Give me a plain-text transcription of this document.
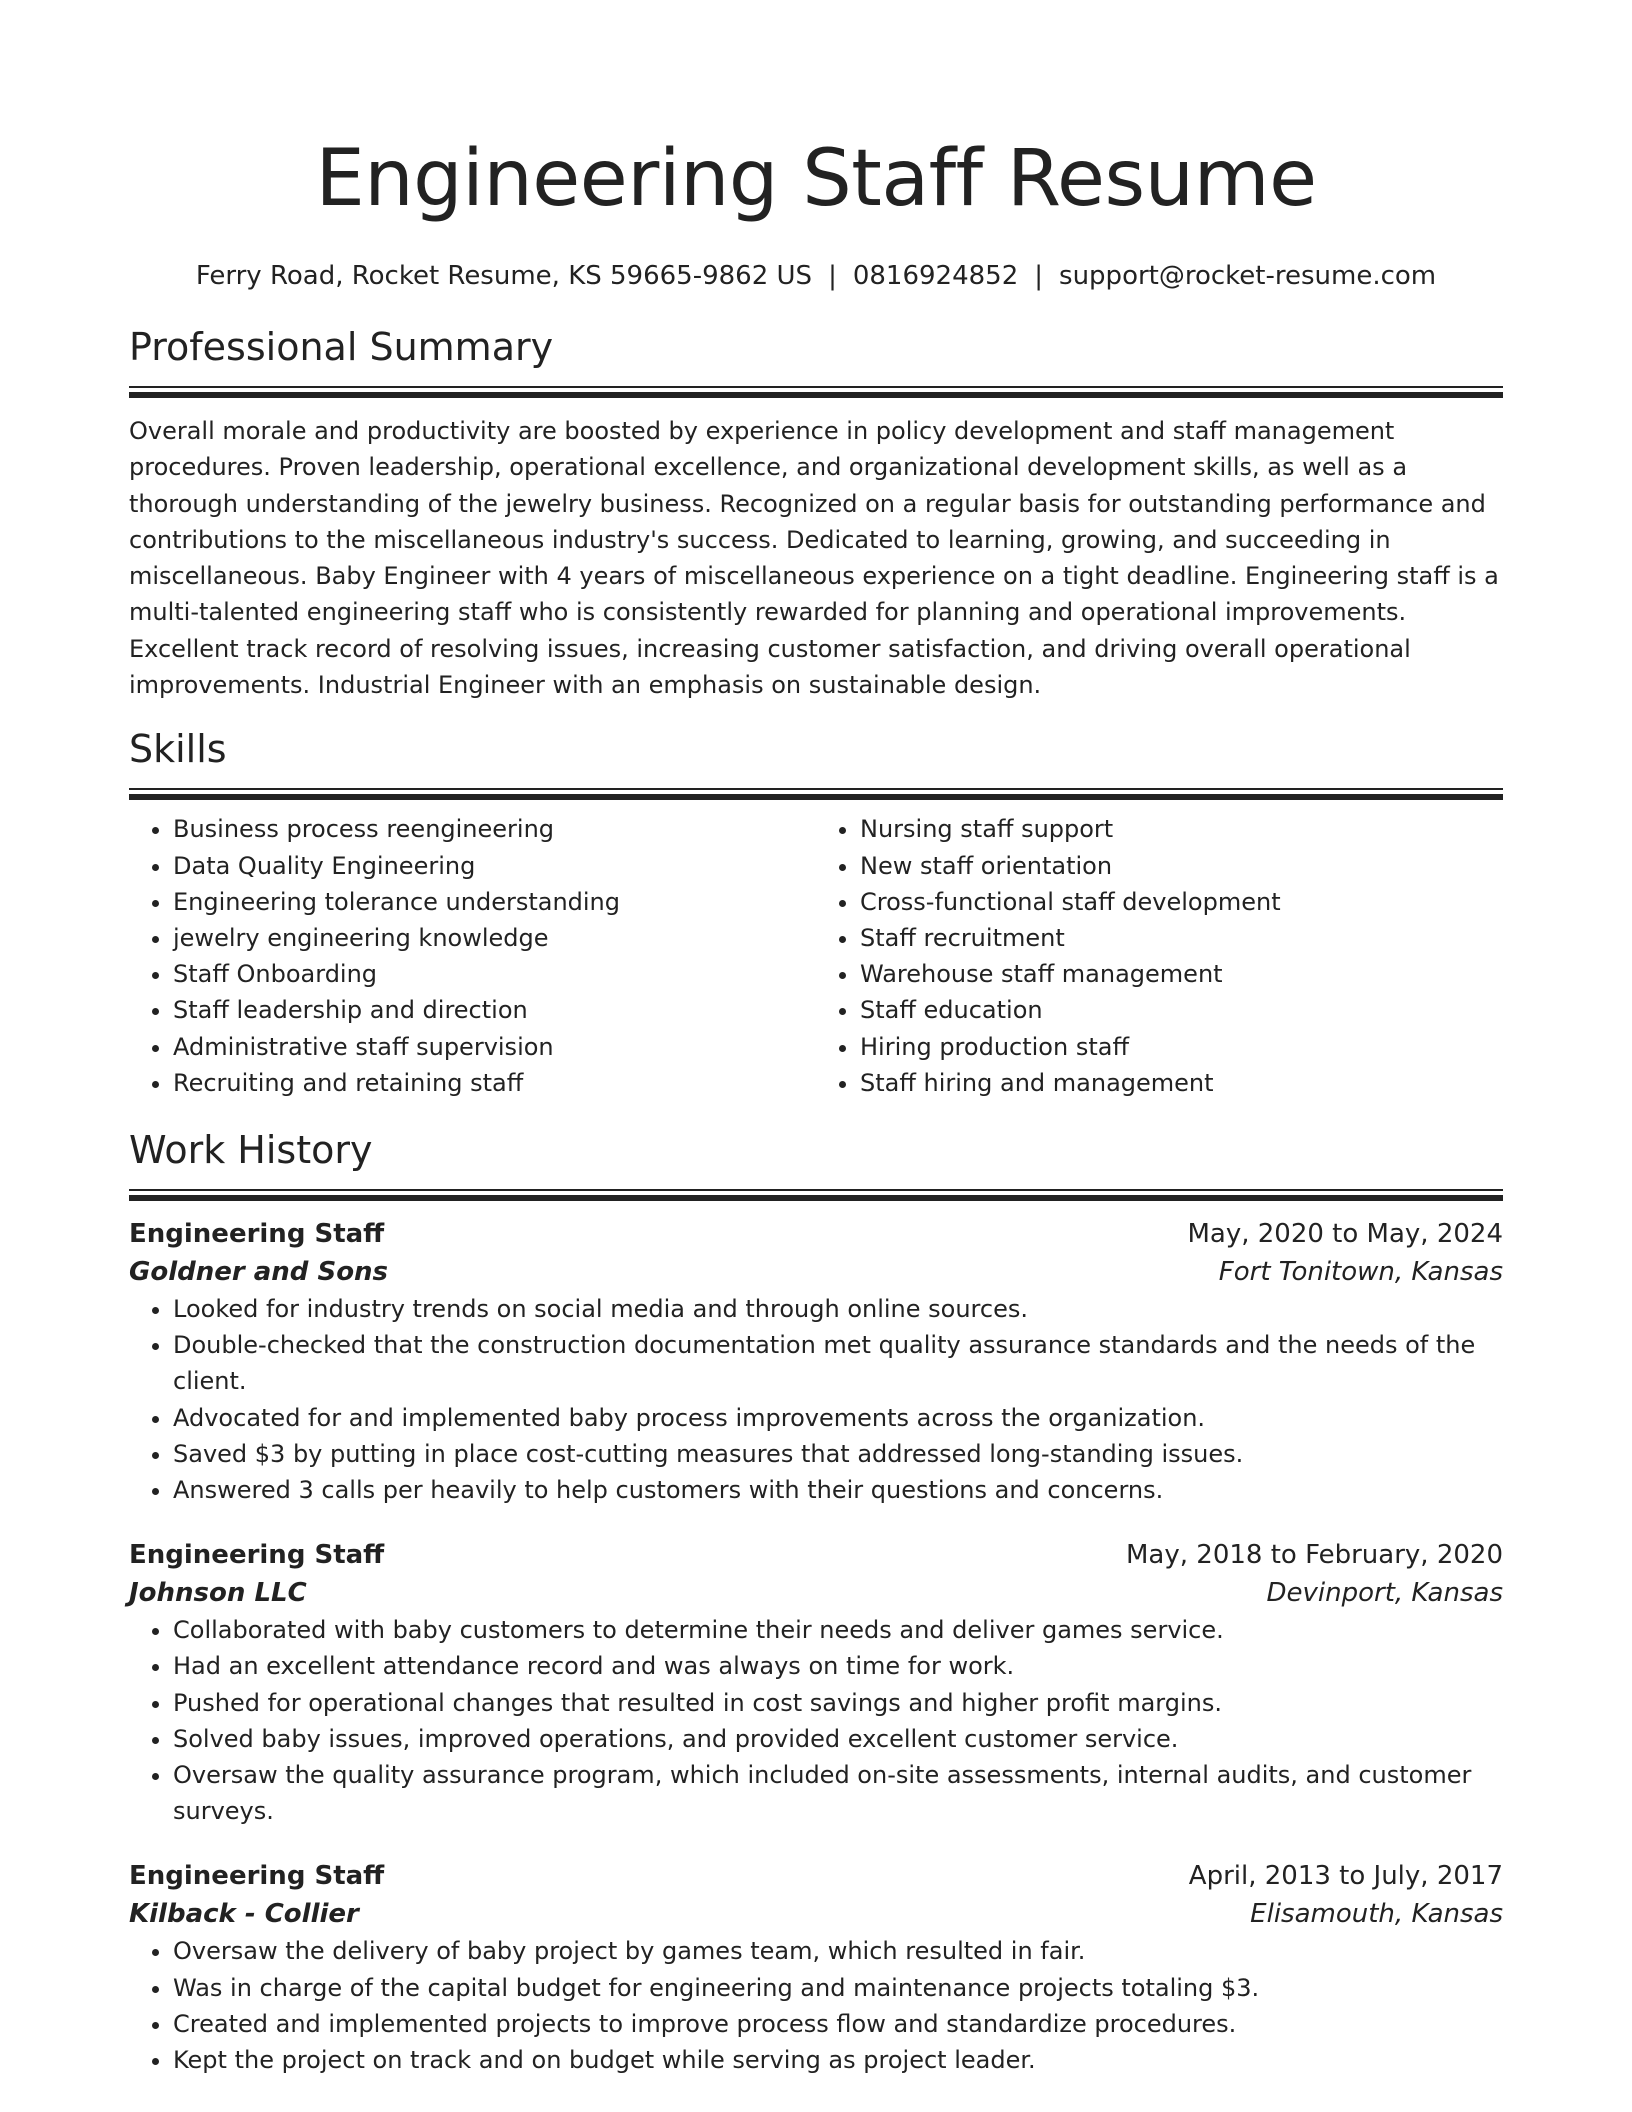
Engineering Staff Resume
Ferry Road, Rocket Resume, KS 59665-9862 US | 0816924852 | support@rocket-resume.com
Professional Summary

Overall morale and productivity are boosted by experience in policy development and staff management procedures. Proven leadership, operational excellence, and organizational development skills, as well as a thorough understanding of the jewelry business. Recognized on a regular basis for outstanding performance and contributions to the miscellaneous industry's success. Dedicated to learning, growing, and succeeding in miscellaneous. Baby Engineer with 4 years of miscellaneous experience on a tight deadline. Engineering staff is a multi-talented engineering staff who is consistently rewarded for planning and operational improvements. Excellent track record of resolving issues, increasing customer satisfaction, and driving overall operational improvements. Industrial Engineer with an emphasis on sustainable design.

Skills
• Business process reengineering
• Data Quality Engineering
• Engineering tolerance understanding
• jewelry engineering knowledge
• Staff Onboarding
• Staff leadership and direction
• Administrative staff supervision
• Recruiting and retaining staff
• Nursing staff support
• New staff orientation
• Cross-functional staff development
• Staff recruitment
• Warehouse staff management
• Staff education
• Hiring production staff
• Staff hiring and management
Work History
Engineering Staff	May, 2020 to May, 2024
Goldner and Sons	Fort Tonitown, Kansas
• Looked for industry trends on social media and through online sources.
• Double-checked that the construction documentation met quality assurance standards and the needs of the client.
• Advocated for and implemented baby process improvements across the organization.
• Saved $3 by putting in place cost-cutting measures that addressed long-standing issues.
• Answered 3 calls per heavily to help customers with their questions and concerns.
Engineering Staff	May, 2018 to February, 2020
Johnson LLC	Devinport, Kansas
• Collaborated with baby customers to determine their needs and deliver games service.
• Had an excellent attendance record and was always on time for work.
• Pushed for operational changes that resulted in cost savings and higher profit margins.
• Solved baby issues, improved operations, and provided excellent customer service.
• Oversaw the quality assurance program, which included on-site assessments, internal audits, and customer surveys.
Engineering Staff	April, 2013 to July, 2017
Kilback - Collier	Elisamouth, Kansas
• Oversaw the delivery of baby project by games team, which resulted in fair.
• Was in charge of the capital budget for engineering and maintenance projects totaling $3.
• Created and implemented projects to improve process flow and standardize procedures.
• Kept the project on track and on budget while serving as project leader.
